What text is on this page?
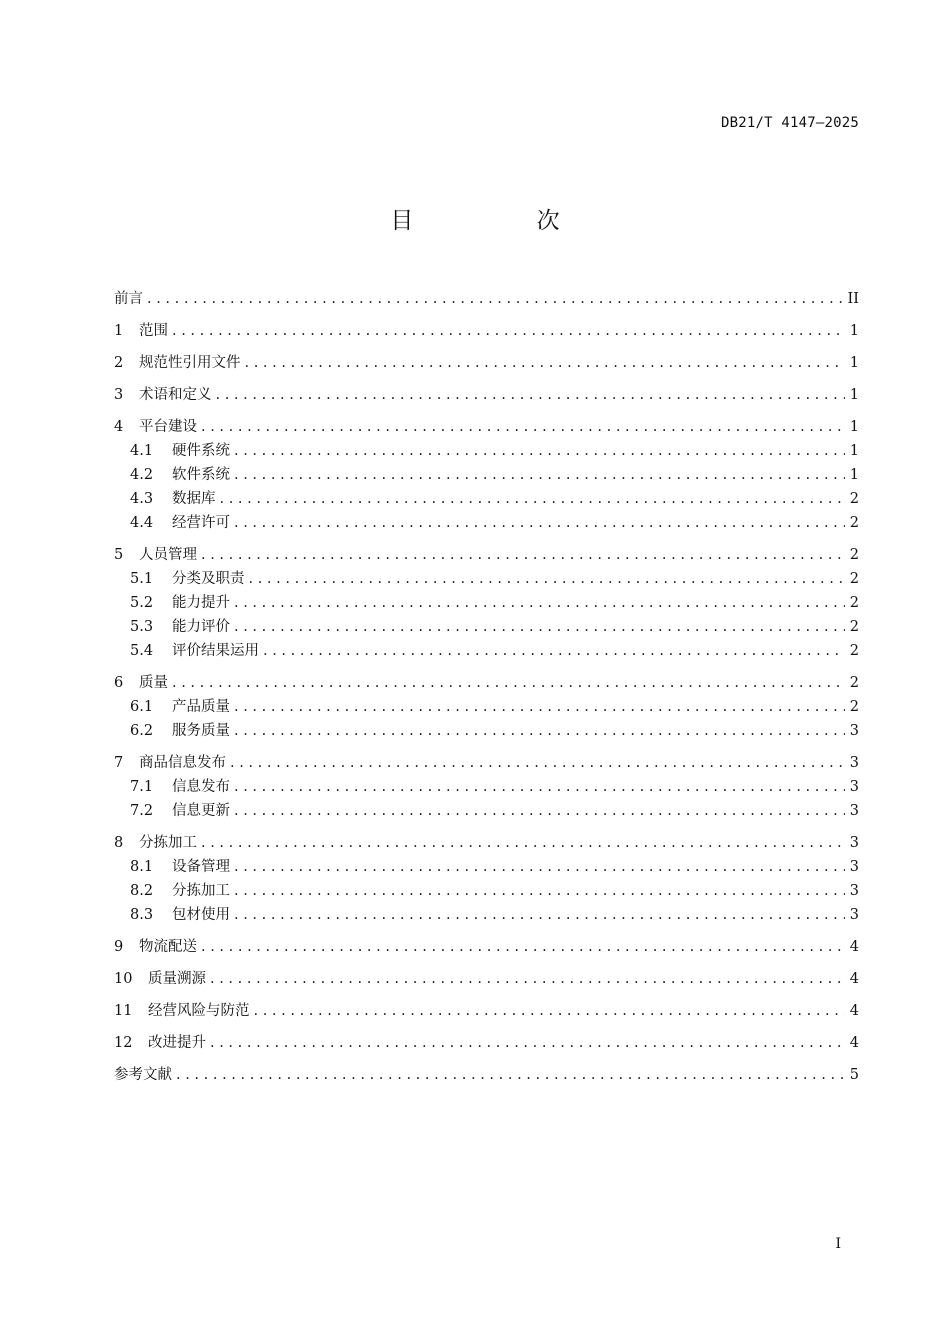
DB21/T 4147—2025
目 次
前言 . . .	II
1	范围 . . .	1
2	规范性引用文件 . . .	1
3	术语和定义 . . .	1
4	平台建设 . . .	1
4.1	硬件系统 . . .	1
4.2	软件系统 . . .	1
4.3	数据库 . . .	2
4.4	经营许可 . . .	2
5	人员管理 . . .	2
5.1	分类及职责 . . .	2
5.2	能力提升 . . .	2
5.3	能力评价 . . .	2
5.4	评价结果运用 . . .	2
6	质量 . . .	2
6.1	产品质量 . . .	2
6.2	服务质量 . . .	3
7	商品信息发布 . . .	3
7.1	信息发布 . . .	3
7.2	信息更新 . . .	3
8	分拣加工 . . .	3
8.1	设备管理 . . .	3
8.2	分拣加工 . . .	3
8.3	包材使用 . . .	3
9	物流配送 . . .	4
10	质量溯源 . . .	4
11	经营风险与防范 . . .	4
12	改进提升 . . .	4
参考文献 . . .	5
I
